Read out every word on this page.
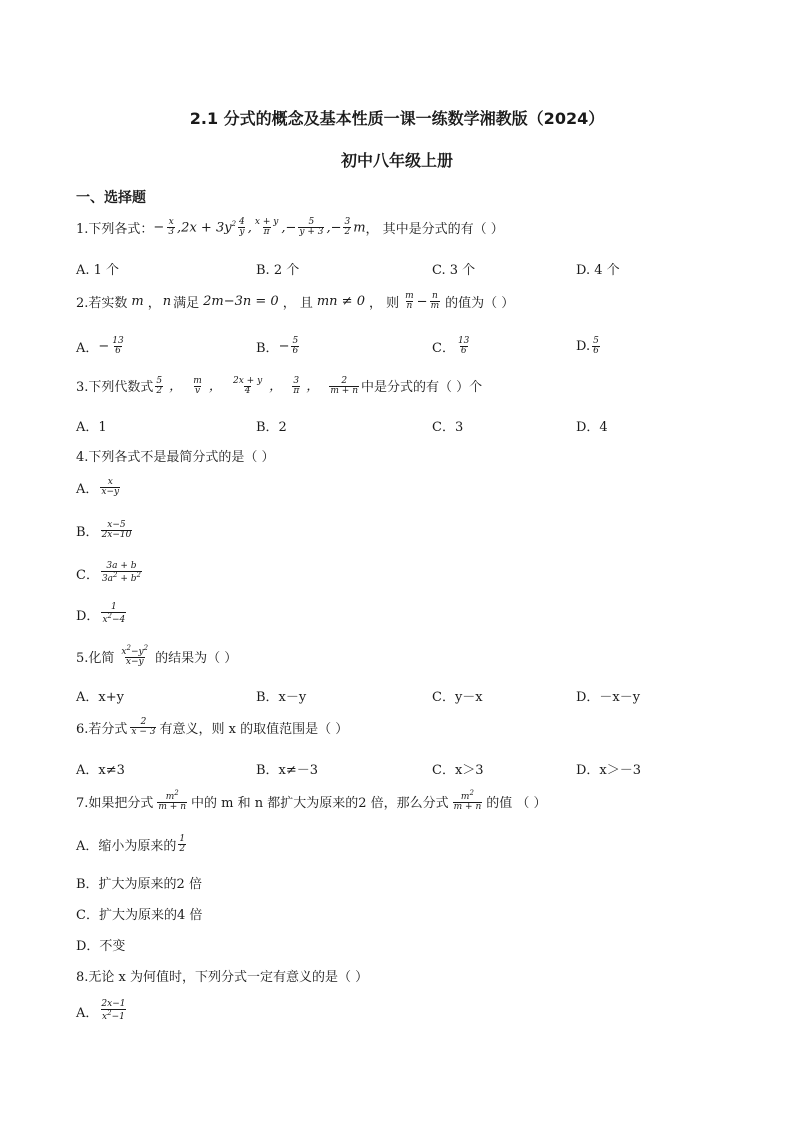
2.1 分式的概念及基本性质一课一练数学湘教版（2024）
初中八年级上册
一、选择题
1.下列各式： − $\frac{x}{3} ,2x + 3y^2 \frac{4}{y}$ , $\frac{x + y}{\pi}$ ,− $\frac{5}{y + 3}$ ,− $\frac{3}{2}$ m ， 其中是分式的有（ ）
A. 1 个	B. 2 个	C. 3 个	D. 4 个
2.若实数 m ， n 满足 2m−3n = 0 ， 且 mn ≠ 0 ， 则 $\frac{m}{n} - \frac{n}{m}$ 的值为（ ）
A． − $\frac{13}{6}$	B． − $\frac{5}{6}$	C． $\frac{13}{6}$	D. $\frac{5}{6}$
3.下列代数式 $\frac{5}{2}$ ， $\frac{m}{v}$ ， $\frac{2x + y}{4}$ ， $\frac{3}{\pi}$ ， $\frac{2}{m + n}$ 中是分式的有（ ）个
A．1	B．2	C．3	D．4
4.下列各式不是最简分式的是（ ）
A． $\frac{x}{x-y}$
B． $\frac{x-5}{2x-10}$
C． $\frac{3a + b}{3a^2 + b^2}$
D． $\frac{1}{x^2-4}$
5.化简 $\frac{x^2-y^2}{x-y}$ 的结果为（ ）
A．x+y	B．x－y	C．y－x	D．－x－y
6.若分式 $\frac{2}{x - 3}$ 有意义，则 x 的取值范围是（ ）
A．x≠3	B．x≠－3	C．x＞3	D．x＞－3
7.如果把分式 $\frac{m^2}{m + n}$ 中的 m 和 n 都扩大为原来的2 倍，那么分式 $\frac{m^2}{m + n}$ 的值 （ ）
A．缩小为原来的 $\frac{1}{2}$
B．扩大为原来的2 倍
C．扩大为原来的4 倍
D．不变
8.无论 x 为何值时，下列分式一定有意义的是（ ）
A． $\frac{2x-1}{x^2-1}$
